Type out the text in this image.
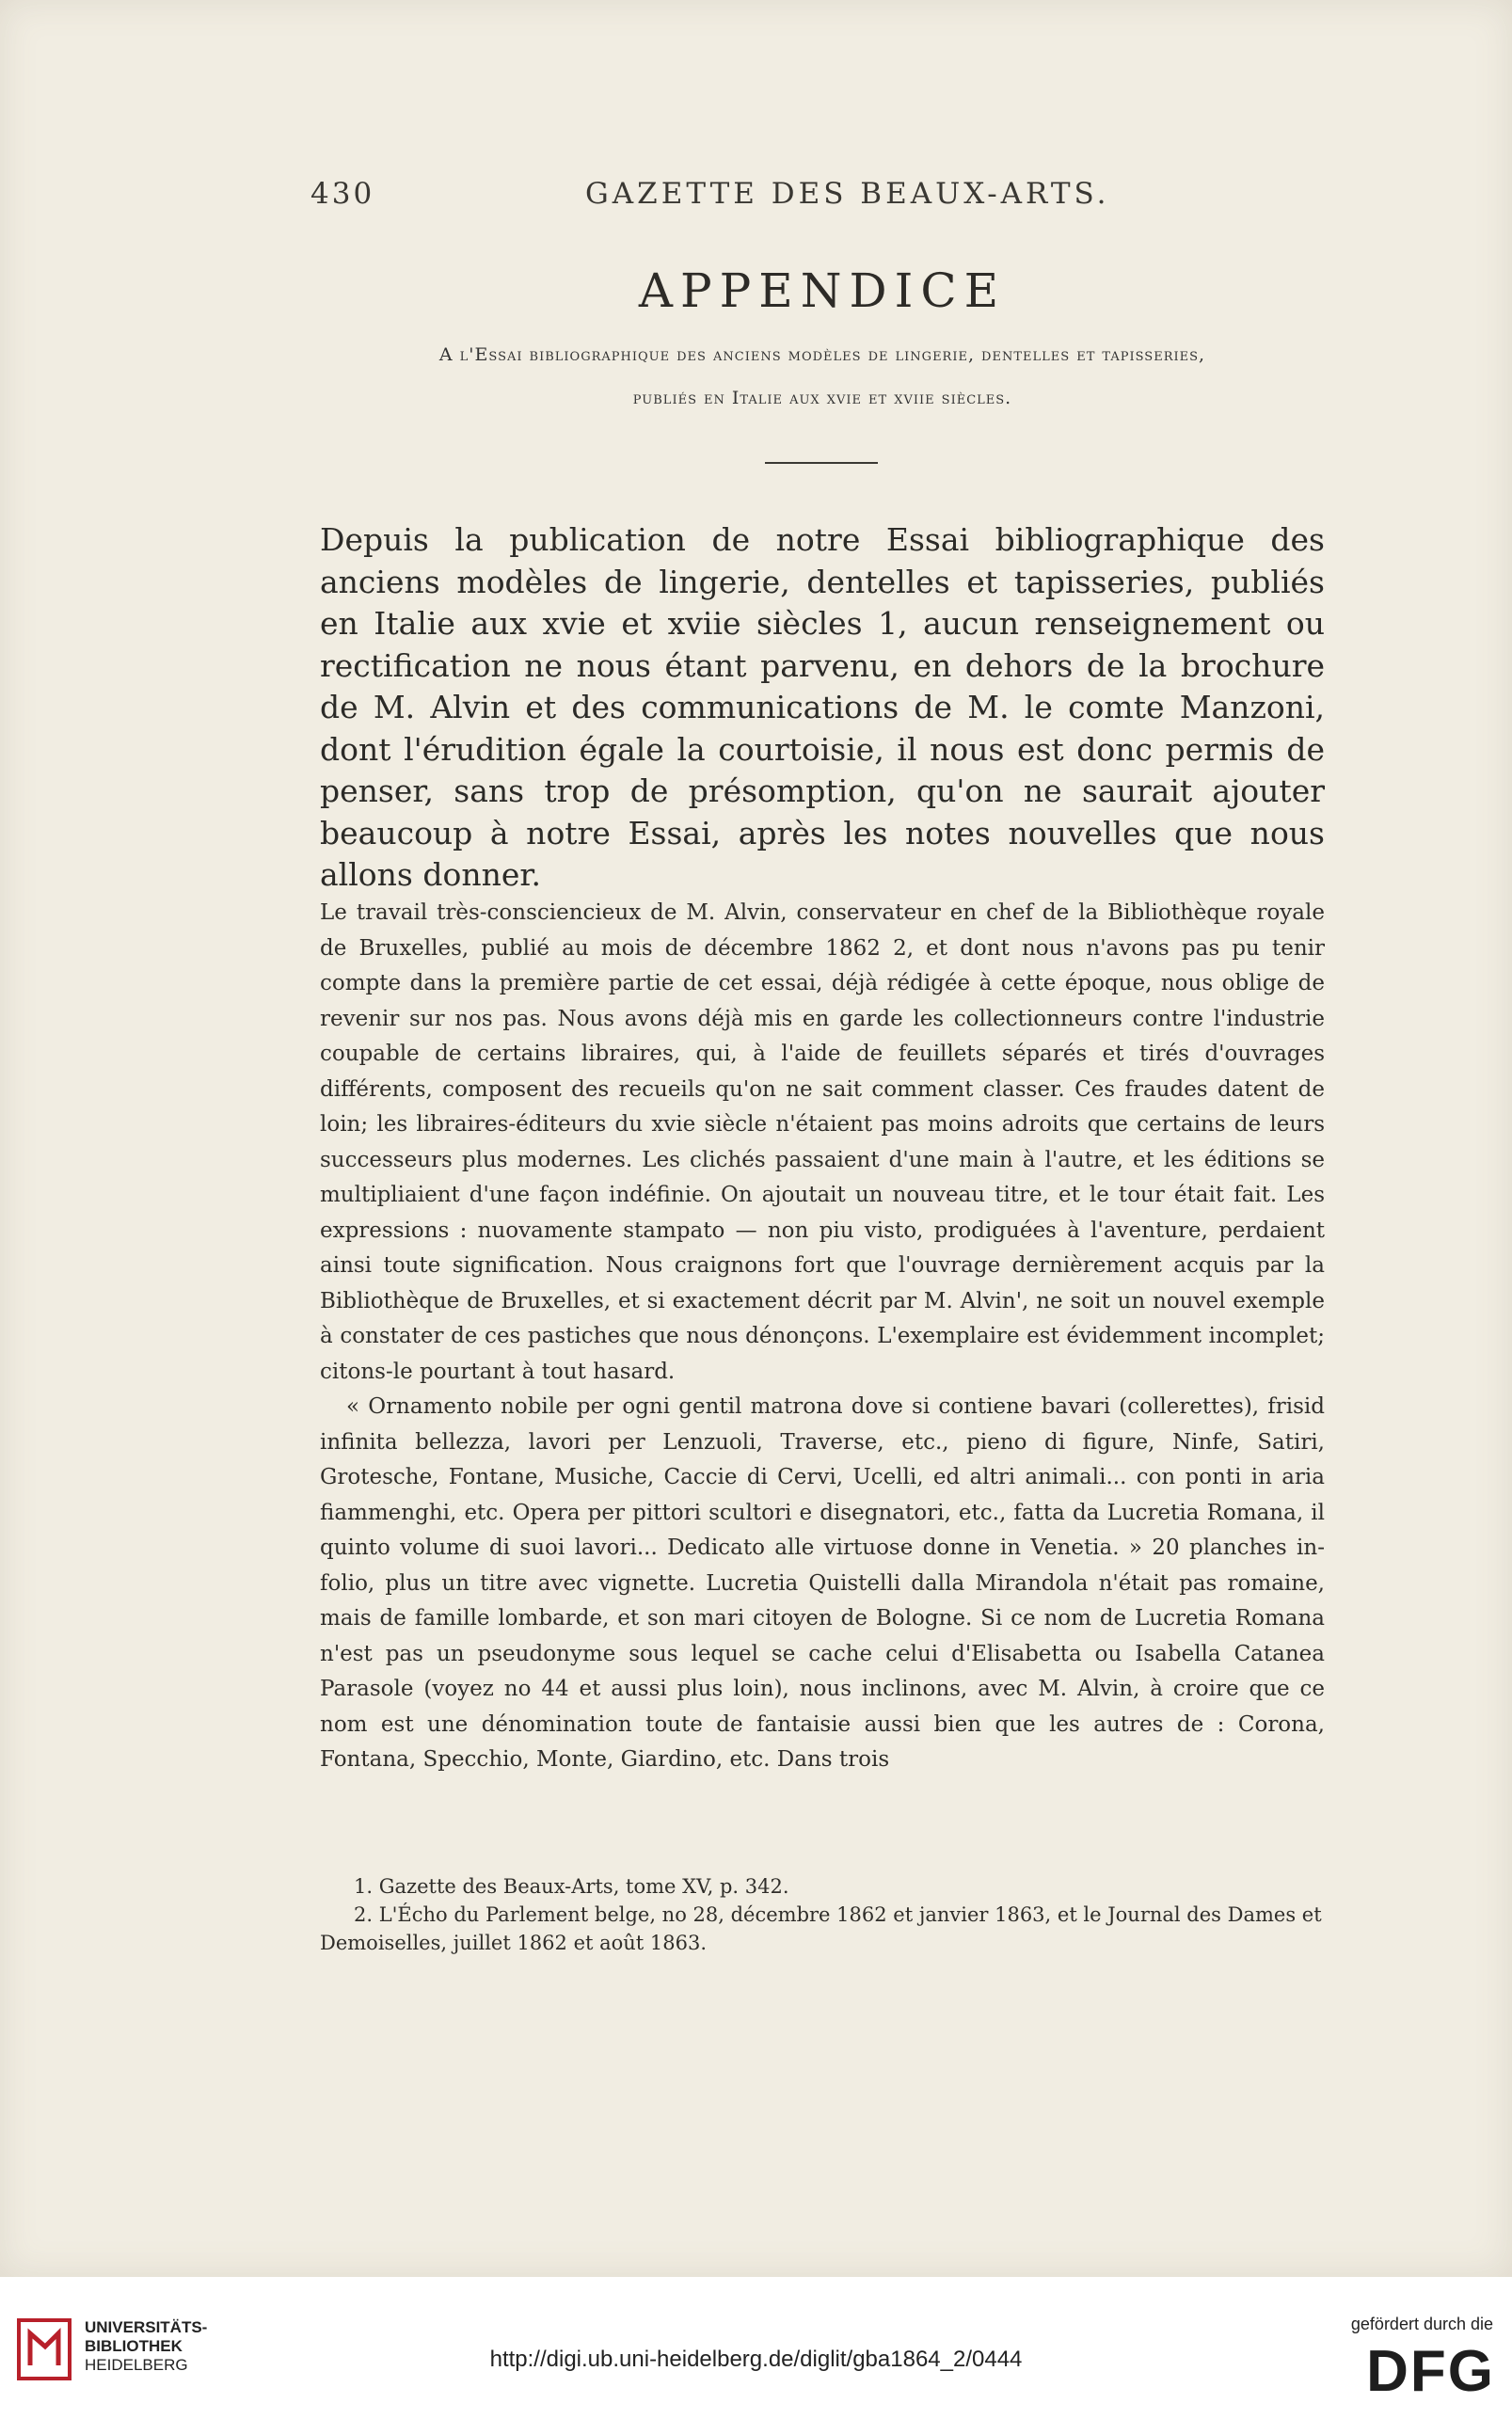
430	GAZETTE DES BEAUX-ARTS.
APPENDICE
A l'Essai bibliographique des anciens modèles de lingerie, dentelles et tapisseries,
publiés en Italie aux xvie et xviie siècles.
Depuis la publication de notre Essai bibliographique des anciens modèles de lingerie, dentelles et tapisseries, publiés en Italie aux xvie et xviie siècles 1, aucun renseignement ou rectification ne nous étant parvenu, en dehors de la brochure de M. Alvin et des communications de M. le comte Manzoni, dont l'érudition égale la courtoisie, il nous est donc permis de penser, sans trop de présomption, qu'on ne saurait ajouter beaucoup à notre Essai, après les notes nouvelles que nous allons donner.

Le travail très-consciencieux de M. Alvin, conservateur en chef de la Bibliothèque royale de Bruxelles, publié au mois de décembre 1862 2, et dont nous n'avons pas pu tenir compte dans la première partie de cet essai, déjà rédigée à cette époque, nous oblige de revenir sur nos pas. Nous avons déjà mis en garde les collectionneurs contre l'industrie coupable de certains libraires, qui, à l'aide de feuillets séparés et tirés d'ouvrages différents, composent des recueils qu'on ne sait comment classer. Ces fraudes datent de loin; les libraires-éditeurs du xvie siècle n'étaient pas moins adroits que certains de leurs successeurs plus modernes. Les clichés passaient d'une main à l'autre, et les éditions se multipliaient d'une façon indéfinie. On ajoutait un nouveau titre, et le tour était fait. Les expressions : nuovamente stampato — non piu visto, prodiguées à l'aventure, perdaient ainsi toute signification. Nous craignons fort que l'ouvrage dernièrement acquis par la Bibliothèque de Bruxelles, et si exactement décrit par M. Alvin', ne soit un nouvel exemple à constater de ces pastiches que nous dénonçons. L'exemplaire est évidemment incomplet; citons-le pourtant à tout hasard.

« Ornamento nobile per ogni gentil matrona dove si contiene bavari (collerettes), frisid infinita bellezza, lavori per Lenzuoli, Traverse, etc., pieno di figure, Ninfe, Satiri, Grotesche, Fontane, Musiche, Caccie di Cervi, Ucelli, ed altri animali... con ponti in aria fiammenghi, etc. Opera per pittori scultori e disegnatori, etc., fatta da Lucretia Romana, il quinto volume di suoi lavori... Dedicato alle virtuose donne in Venetia. » 20 planches in-folio, plus un titre avec vignette. Lucretia Quistelli dalla Mirandola n'était pas romaine, mais de famille lombarde, et son mari citoyen de Bologne. Si ce nom de Lucretia Romana n'est pas un pseudonyme sous lequel se cache celui d'Elisabetta ou Isabella Catanea Parasole (voyez no 44 et aussi plus loin), nous inclinons, avec M. Alvin, à croire que ce nom est une dénomination toute de fantaisie aussi bien que les autres de : Corona, Fontana, Specchio, Monte, Giardino, etc. Dans trois

1. Gazette des Beaux-Arts, tome XV, p. 342.

2. L'Écho du Parlement belge, no 28, décembre 1862 et janvier 1863, et le Journal des Dames et Demoiselles, juillet 1862 et août 1863.

UNIVERSITÄTS-
BIBLIOTHEK
HEIDELBERG	http://digi.ub.uni-heidelberg.de/diglit/gba1864_2/0444
gefördert durch die
DFG
